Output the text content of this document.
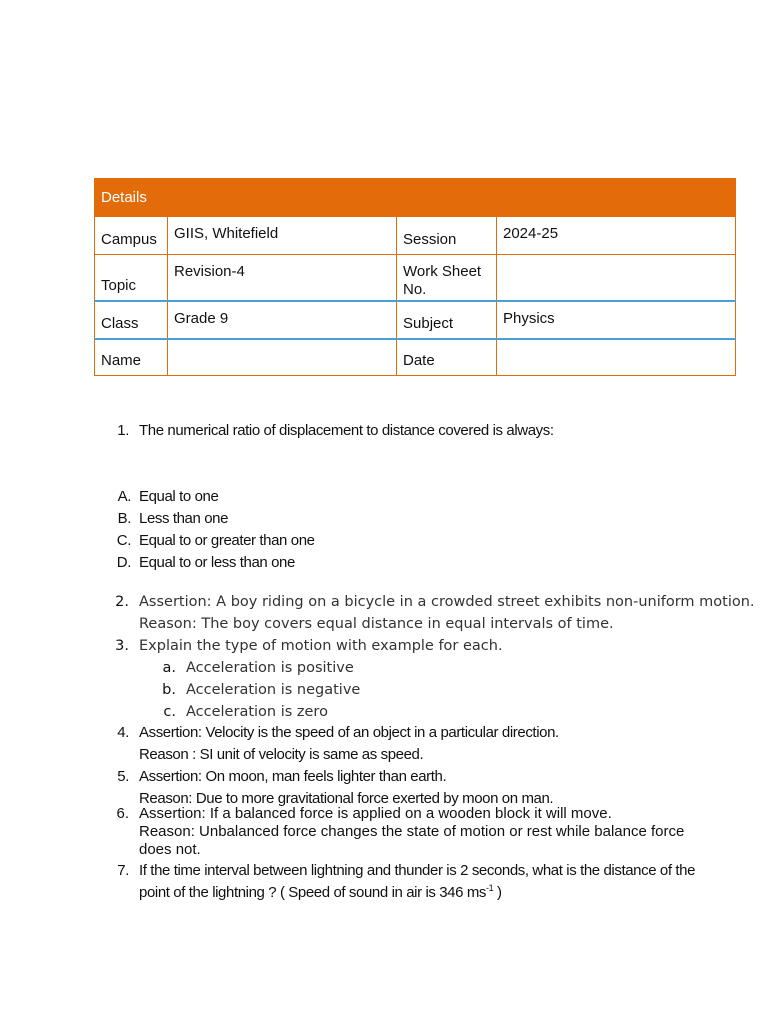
Details			
Campus	GIIS, Whitefield	Session	2024-25
Topic	Revision-4	Work Sheet No.	
Class	Grade 9	Subject	Physics
Name		Date	
1. The numerical ratio of displacement to distance covered is always:
A. Equal to one
B. Less than one
C. Equal to or greater than one
D. Equal to or less than one
2. Assertion: A boy riding on a bicycle in a crowded street exhibits non-uniform motion.
Reason: The boy covers equal distance in equal intervals of time.
3. Explain the type of motion with example for each.
a. Acceleration is positive
b. Acceleration is negative
c. Acceleration is zero
4. Assertion: Velocity is the speed of an object in a particular direction.
Reason : SI unit of velocity is same as speed.
5. Assertion: On moon, man feels lighter than earth.
Reason: Due to more gravitational force exerted by moon on man.
6. Assertion: If a balanced force is applied on a wooden block it will move.
Reason: Unbalanced force changes the state of motion or rest while balance force
does not.
7. If the time interval between lightning and thunder is 2 seconds, what is the distance of the
point of the lightning ? ( Speed of sound in air is 346 $ms^{-1}$ )
